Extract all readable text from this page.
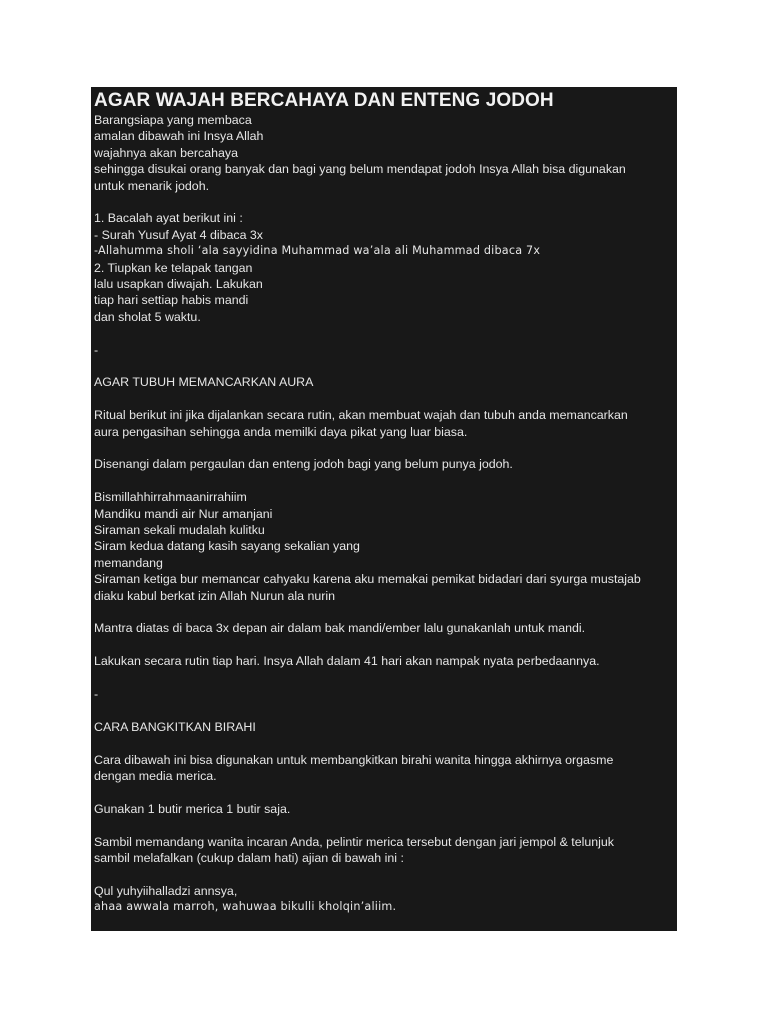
AGAR WAJAH BERCAHAYA DAN ENTENG JODOH
Barangsiapa yang membaca
amalan dibawah ini Insya Allah
wajahnya akan bercahaya
sehingga disukai orang banyak dan bagi yang belum mendapat jodoh Insya Allah bisa digunakan
untuk menarik jodoh.
1. Bacalah ayat berikut ini :
- Surah Yusuf Ayat 4 dibaca 3x
-Allahumma sholi ‘ala sayyidina Muhammad wa’ala ali Muhammad dibaca 7x
2. Tiupkan ke telapak tangan
lalu usapkan diwajah. Lakukan
tiap hari settiap habis mandi
dan sholat 5 waktu.
-
AGAR TUBUH MEMANCARKAN AURA
Ritual berikut ini jika dijalankan secara rutin, akan membuat wajah dan tubuh anda memancarkan
aura pengasihan sehingga anda memilki daya pikat yang luar biasa.
Disenangi dalam pergaulan dan enteng jodoh bagi yang belum punya jodoh.
Bismillahhirrahmaanirrahiim
Mandiku mandi air Nur amanjani
Siraman sekali mudalah kulitku
Siram kedua datang kasih sayang sekalian yang
memandang
Siraman ketiga bur memancar cahyaku karena aku memakai pemikat bidadari dari syurga mustajab
diaku kabul berkat izin Allah Nurun ala nurin
Mantra diatas di baca 3x depan air dalam bak mandi/ember lalu gunakanlah untuk mandi.
Lakukan secara rutin tiap hari. Insya Allah dalam 41 hari akan nampak nyata perbedaannya.
-
CARA BANGKITKAN BIRAHI
Cara dibawah ini bisa digunakan untuk membangkitkan birahi wanita hingga akhirnya orgasme
dengan media merica.
Gunakan 1 butir merica 1 butir saja.
Sambil memandang wanita incaran Anda, pelintir merica tersebut dengan jari jempol & telunjuk
sambil melafalkan (cukup dalam hati) ajian di bawah ini :
Qul yuhyiihalladzi annsya,
ahaa awwala marroh, wahuwaa bikulli kholqin’aliim.
